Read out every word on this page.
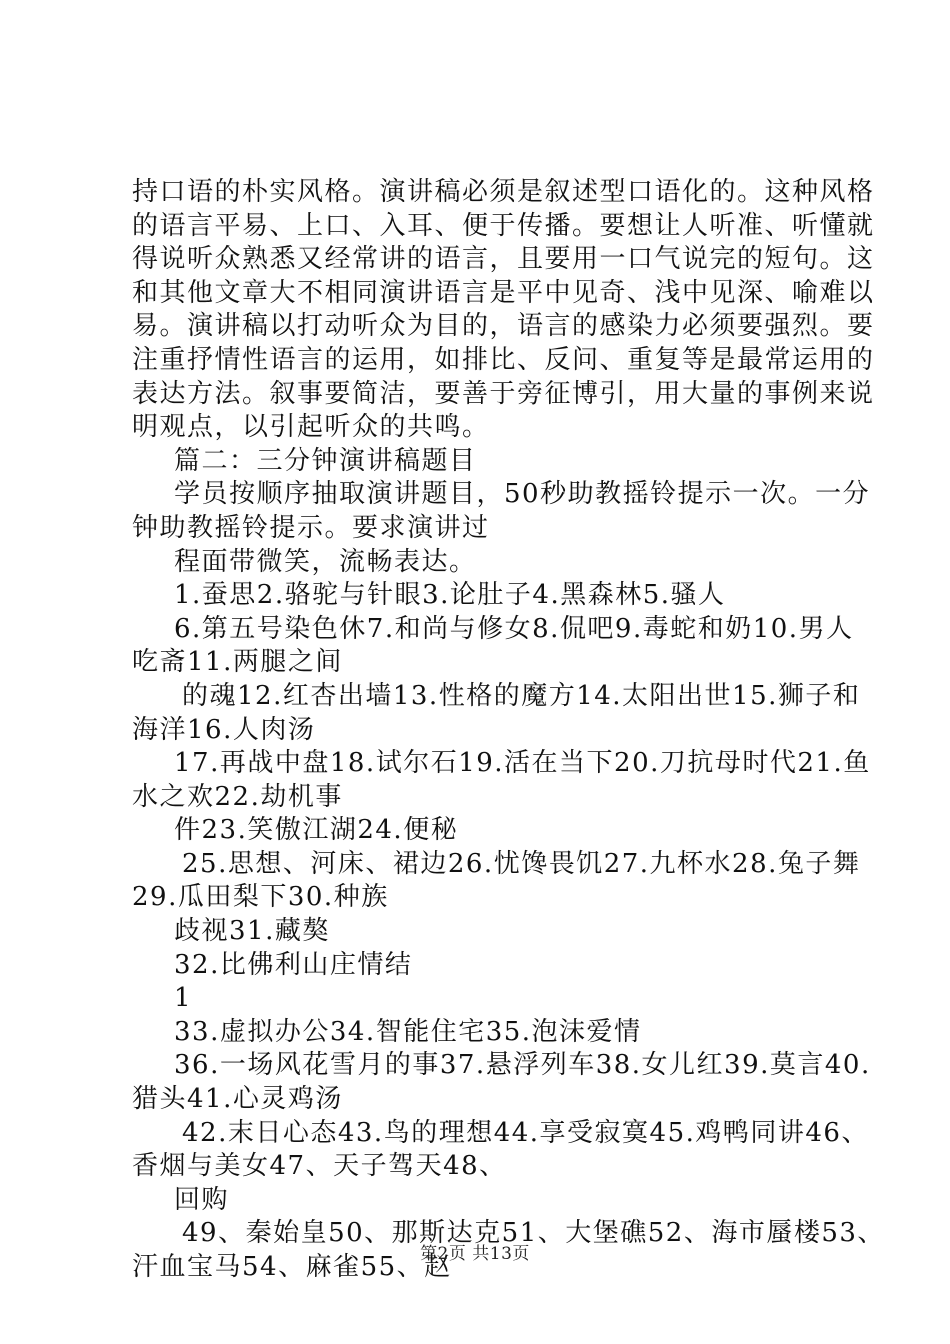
持口语的朴实风格。演讲稿必须是叙述型口语化的。这种风格
的语言平易、上口、入耳、便于传播。要想让人听准、听懂就
得说听众熟悉又经常讲的语言，且要用一口气说完的短句。这
和其他文章大不相同演讲语言是平中见奇、浅中见深、喻难以
易。演讲稿以打动听众为目的，语言的感染力必须要强烈。要
注重抒情性语言的运用，如排比、反问、重复等是最常运用的
表达方法。叙事要简洁，要善于旁征博引，用大量的事例来说
明观点，以引起听众的共鸣。
篇二：三分钟演讲稿题目
学员按顺序抽取演讲题目，50秒助教摇铃提示一次。一分
钟助教摇铃提示。要求演讲过
程面带微笑，流畅表达。
1.蚕思2.骆驼与针眼3.论肚子4.黑森林5.骚人
6.第五号染色休7.和尚与修女8.侃吧9.毒蛇和奶10.男人
吃斋11.两腿之间
的魂12.红杏出墙13.性格的魔方14.太阳出世15.狮子和
海洋16.人肉汤
17.再战中盘18.试尔石19.活在当下20.刀抗母时代21.鱼
水之欢22.劫机事
件23.笑傲江湖24.便秘
25.思想、河床、裙边26.忧馋畏饥27.九杯水28.兔子舞
29.瓜田梨下30.种族
歧视31.藏獒
32.比佛利山庄情结
1
33.虚拟办公34.智能住宅35.泡沫爱情
36.一场风花雪月的事37.悬浮列车38.女儿红39.莫言40.
猎头41.心灵鸡汤
42.末日心态43.鸟的理想44.享受寂寞45.鸡鸭同讲46、
香烟与美女47、天子驾天48、
回购
49、秦始皇50、那斯达克51、大堡礁52、海市蜃楼53、
汗血宝马54、麻雀55、赵
第2页 共13页
